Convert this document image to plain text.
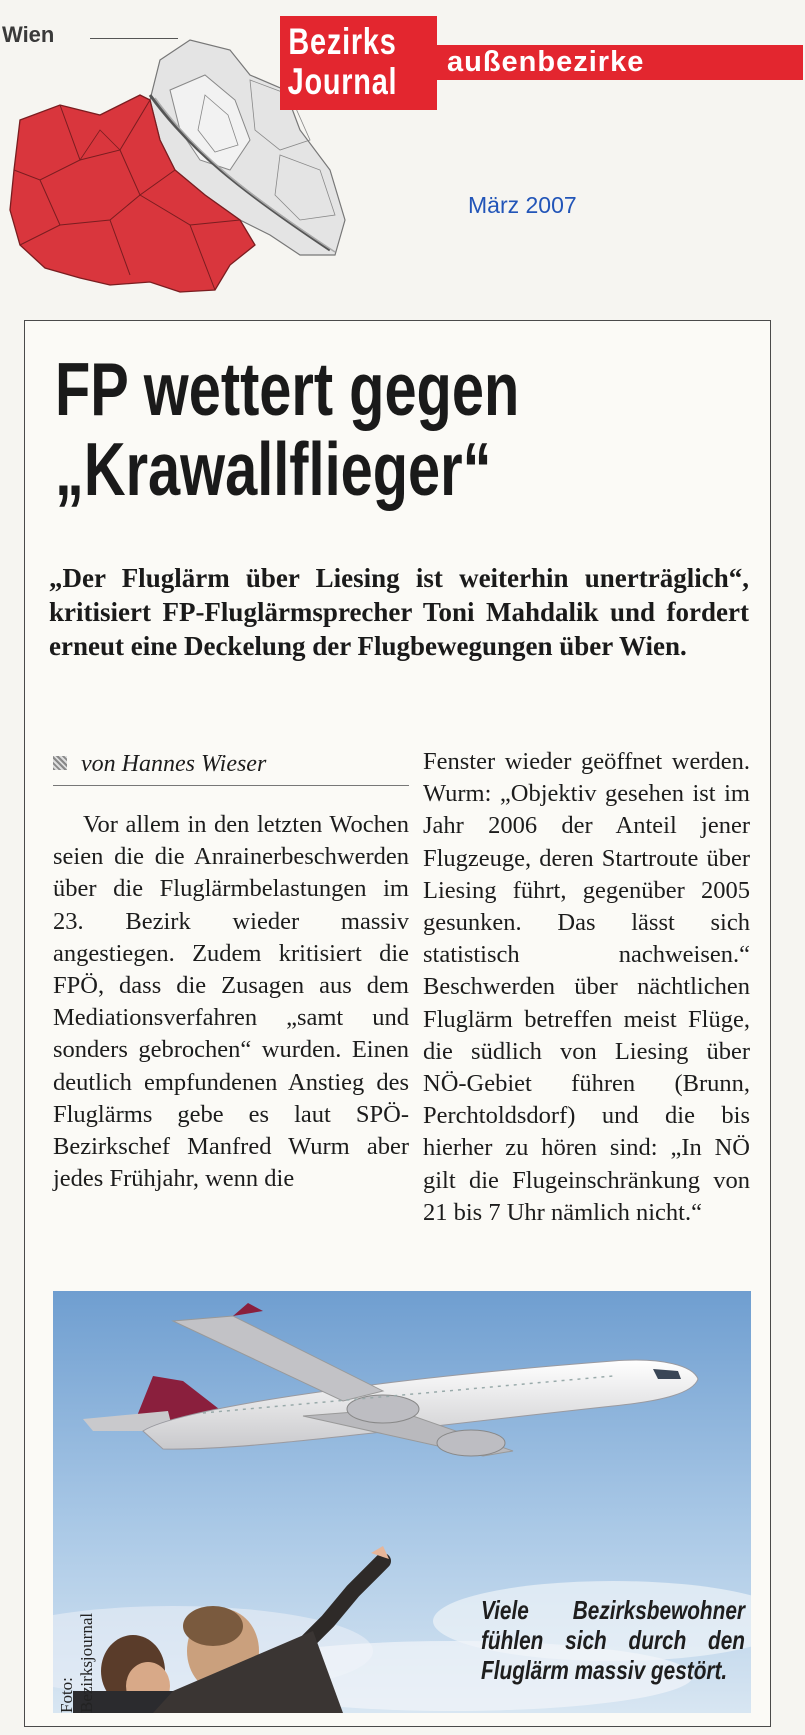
Wien	Bezirks
Journal	außenbezirke
März 2007
FP wettert gegen
„Krawallflieger“
„Der Fluglärm über Liesing ist weiterhin unerträglich“, kritisiert FP-Fluglärmsprecher Toni Mahdalik und fordert erneut eine Deckelung der Flugbewegungen über Wien.
von Hannes Wieser
Vor allem in den letzten Wochen seien die die Anrainerbeschwerden über die Fluglärmbelastungen im 23. Bezirk wieder massiv angestiegen. Zudem kritisiert die FPÖ, dass die Zusagen aus dem Mediationsverfahren „samt und sonders gebrochen“ wurden. Einen deutlich empfundenen Anstieg des Fluglärms gebe es laut SPÖ-Bezirkschef Manfred Wurm aber jedes Frühjahr, wenn die
Fenster wieder geöffnet werden. Wurm: „Objektiv gesehen ist im Jahr 2006 der Anteil jener Flugzeuge, deren Startroute über Liesing führt, gegenüber 2005 gesunken. Das lässt sich statistisch nachweisen.“ Beschwerden über nächtlichen Fluglärm betreffen meist Flüge, die südlich von Liesing über NÖ-Gebiet führen (Brunn, Perchtoldsdorf) und die bis hierher zu hören sind: „In NÖ gilt die Flugeinschränkung von 21 bis 7 Uhr nämlich nicht.“
Foto: Bezirksjournal
Viele Bezirksbewohner fühlen sich durch den Fluglärm massiv gestört.
